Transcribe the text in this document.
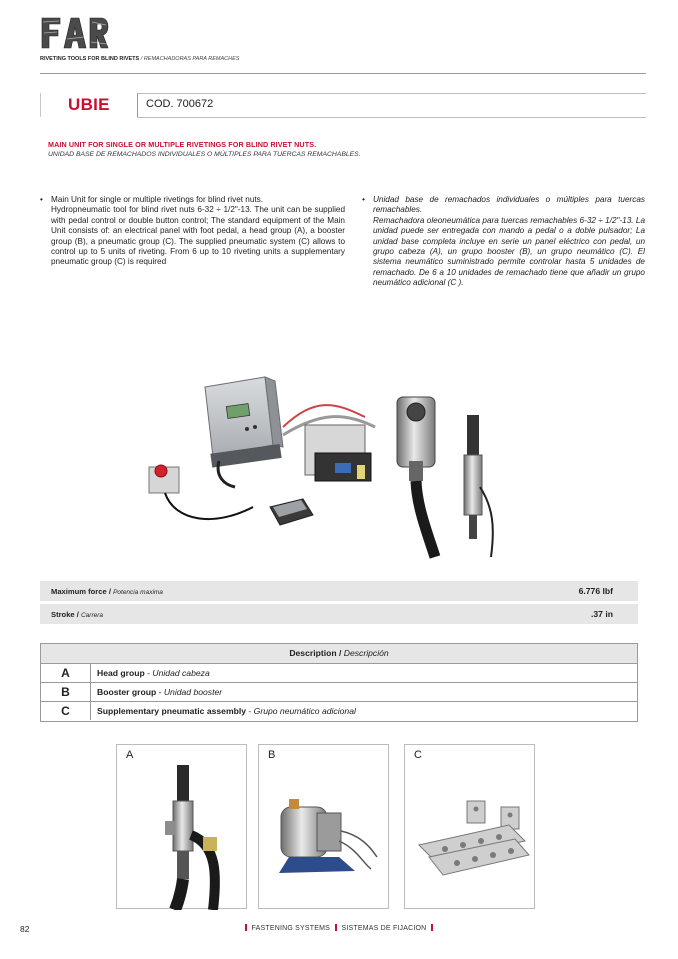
RIVETING TOOLS FOR BLIND RIVETS / REMACHADORAS PARA REMACHES
UBIE	COD. 700672
MAIN UNIT FOR SINGLE OR MULTIPLE RIVETINGS FOR BLIND RIVET NUTS.
UNIDAD BASE DE REMACHADOS INDIVIDUALES O MÚLTIPLES PARA TUERCAS REMACHABLES.
• Main Unit for single or multiple rivetings for blind rivet nuts.
Hydropneumatic tool for blind rivet nuts 6-32 ÷ 1/2"-13. The unit can be supplied with pedal control or double button control; The standard equipment of the Main Unit consists of: an electrical panel with foot pedal, a head group (A), a booster group (B), a pneumatic group (C). The supplied pneumatic system (C) allows to control up to 5 units of riveting. From 6 up to 10 riveting units a supplementary pneumatic group (C) is required
• Unidad base de remachados individuales o múltiples para tuercas remachables.
Remachadora oleoneumática para tuercas remachables 6-32 ÷ 1/2"-13. La unidad puede ser entregada con mando a pedal o a doble pulsador; La unidad base completa incluye en serie un panel eléctrico con pedal, un grupo cabeza (A), un grupo booster (B), un grupo neumático (C). El sistema neumático suministrado permite controlar hasta 5 unidades de remachado. De 6 a 10 unidades de remachado tiene que añadir un grupo neumático adicional (C ).
Maximum force / Potencia maxima	6.776 lbf
Stroke / Carrera	.37 in
Description / Descripción
A	Head group - Unidad cabeza
B	Booster group - Unidad booster
C	Supplementary pneumatic assembly - Grupo neumático adicional
A	B	C
82	FASTENING SYSTEMS SISTEMAS DE FIJACION
